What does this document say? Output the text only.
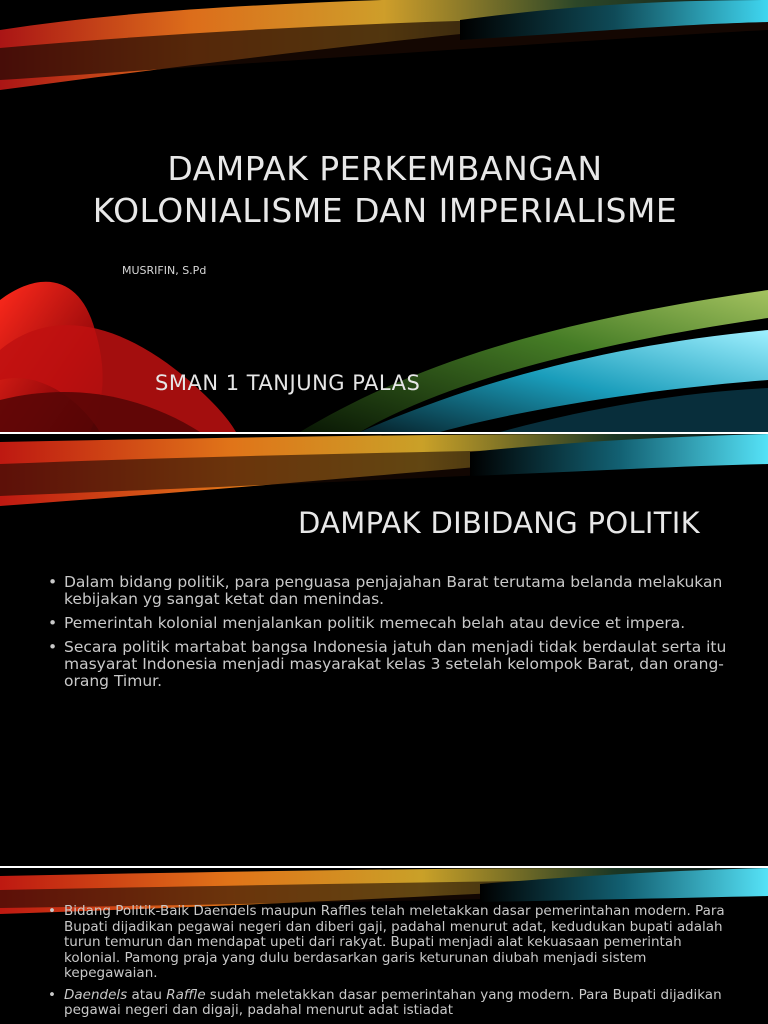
DAMPAK PERKEMBANGAN
KOLONIALISME DAN IMPERIALISME
MUSRIFIN, S.Pd
SMAN 1 TANJUNG PALAS
DAMPAK DIBIDANG POLITIK
• Dalam bidang politik, para penguasa penjajahan Barat terutama belanda melakukan kebijakan yg sangat ketat dan menindas.
• Pemerintah kolonial menjalankan politik memecah belah atau device et impera.
• Secara politik martabat bangsa Indonesia jatuh dan menjadi tidak berdaulat serta itu masyarat Indonesia menjadi masyarakat kelas 3 setelah kelompok Barat, dan orang-orang Timur.
• Bidang Politik-Baik Daendels maupun Raffles telah meletakkan dasar pemerintahan modern. Para Bupati dijadikan pegawai negeri dan diberi gaji, padahal menurut adat, kedudukan bupati adalah turun temurun dan mendapat upeti dari rakyat. Bupati menjadi alat kekuasaan pemerintah kolonial. Pamong praja yang dulu berdasarkan garis keturunan diubah menjadi sistem kepegawaian.
• Daendels atau Raffle sudah meletakkan dasar pemerintahan yang modern. Para Bupati dijadikan pegawai negeri dan digaji, padahal menurut adat istiadat
